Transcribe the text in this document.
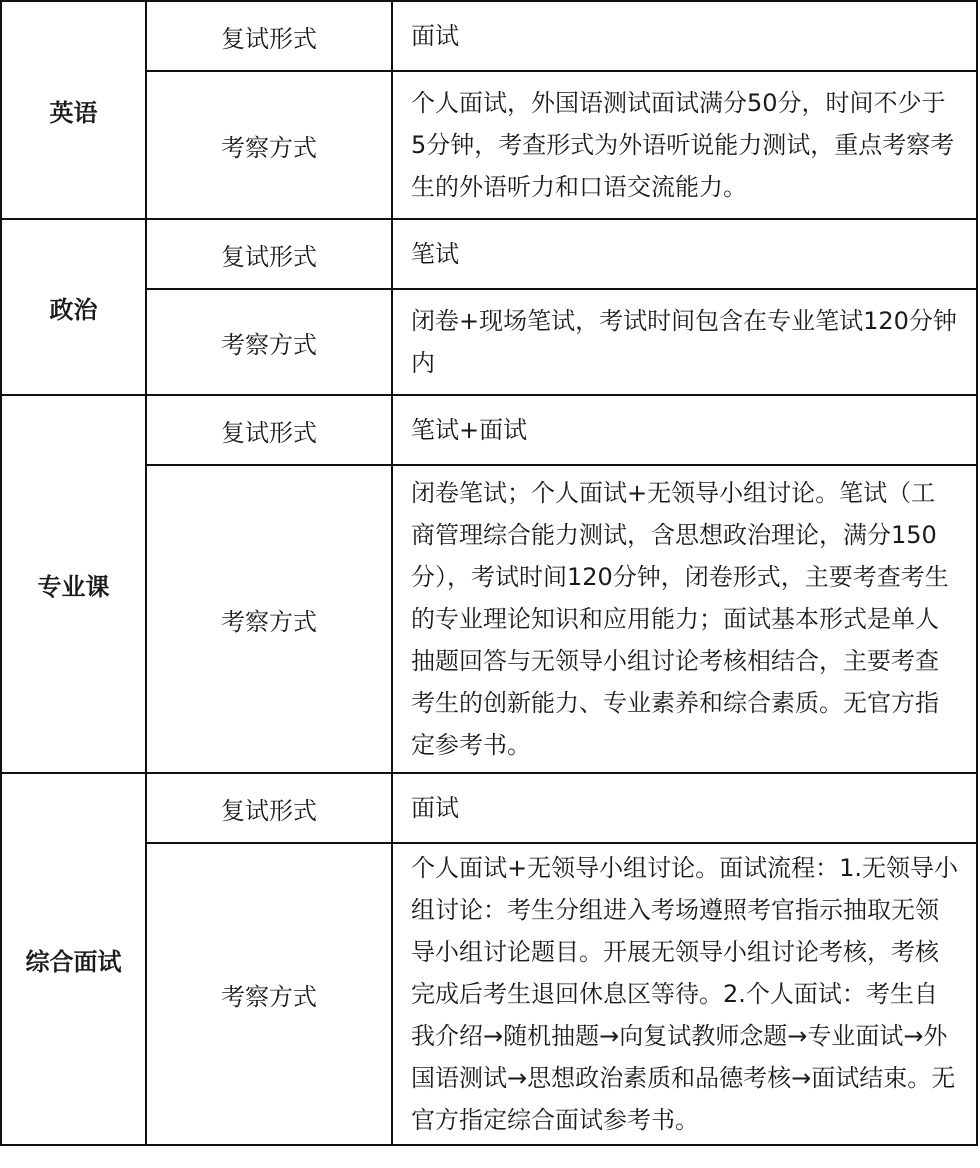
英语	复试形式	面试
	考察方式	个人面试，外国语测试面试满分50分，时间不少于5分钟，考查形式为外语听说能力测试，重点考察考生的外语听力和口语交流能力。
政治	复试形式	笔试
	考察方式	闭卷+现场笔试，考试时间包含在专业笔试120分钟内
专业课	复试形式	笔试+面试
	考察方式	闭卷笔试；个人面试+无领导小组讨论。笔试（工商管理综合能力测试，含思想政治理论，满分150分），考试时间120分钟，闭卷形式，主要考查考生的专业理论知识和应用能力；面试基本形式是单人抽题回答与无领导小组讨论考核相结合，主要考查考生的创新能力、专业素养和综合素质。无官方指定参考书。
综合面试	复试形式	面试
	考察方式	个人面试+无领导小组讨论。面试流程：1.无领导小组讨论：考生分组进入考场遵照考官指示抽取无领导小组讨论题目。开展无领导小组讨论考核，考核完成后考生退回休息区等待。2.个人面试：考生自我介绍→随机抽题→向复试教师念题→专业面试→外国语测试→思想政治素质和品德考核→面试结束。无官方指定综合面试参考书。
